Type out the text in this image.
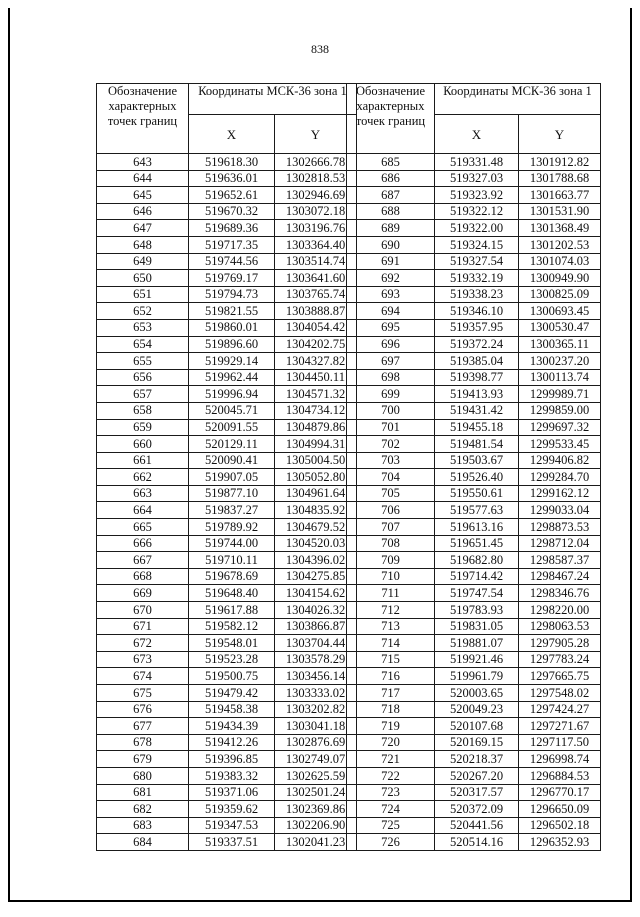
838
Обозначение характерных точек границ	Координаты МСК-36 зона 1	
	X	Y
643	519618.30	1302666.78
644	519636.01	1302818.53
645	519652.61	1302946.69
646	519670.32	1303072.18
647	519689.36	1303196.76
648	519717.35	1303364.40
649	519744.56	1303514.74
650	519769.17	1303641.60
651	519794.73	1303765.74
652	519821.55	1303888.87
653	519860.01	1304054.42
654	519896.60	1304202.75
655	519929.14	1304327.82
656	519962.44	1304450.11
657	519996.94	1304571.32
658	520045.71	1304734.12
659	520091.55	1304879.86
660	520129.11	1304994.31
661	520090.41	1305004.50
662	519907.05	1305052.80
663	519877.10	1304961.64
664	519837.27	1304835.92
665	519789.92	1304679.52
666	519744.00	1304520.03
667	519710.11	1304396.02
668	519678.69	1304275.85
669	519648.40	1304154.62
670	519617.88	1304026.32
671	519582.12	1303866.87
672	519548.01	1303704.44
673	519523.28	1303578.29
674	519500.75	1303456.14
675	519479.42	1303333.02
676	519458.38	1303202.82
677	519434.39	1303041.18
678	519412.26	1302876.69
679	519396.85	1302749.07
680	519383.32	1302625.59
681	519371.06	1302501.24
682	519359.62	1302369.86
683	519347.53	1302206.90
684	519337.51	1302041.23
Обозначение характерных точек границ	Координаты МСК-36 зона 1	
	X	Y
685	519331.48	1301912.82
686	519327.03	1301788.68
687	519323.92	1301663.77
688	519322.12	1301531.90
689	519322.00	1301368.49
690	519324.15	1301202.53
691	519327.54	1301074.03
692	519332.19	1300949.90
693	519338.23	1300825.09
694	519346.10	1300693.45
695	519357.95	1300530.47
696	519372.24	1300365.11
697	519385.04	1300237.20
698	519398.77	1300113.74
699	519413.93	1299989.71
700	519431.42	1299859.00
701	519455.18	1299697.32
702	519481.54	1299533.45
703	519503.67	1299406.82
704	519526.40	1299284.70
705	519550.61	1299162.12
706	519577.63	1299033.04
707	519613.16	1298873.53
708	519651.45	1298712.04
709	519682.80	1298587.37
710	519714.42	1298467.24
711	519747.54	1298346.76
712	519783.93	1298220.00
713	519831.05	1298063.53
714	519881.07	1297905.28
715	519921.46	1297783.24
716	519961.79	1297665.75
717	520003.65	1297548.02
718	520049.23	1297424.27
719	520107.68	1297271.67
720	520169.15	1297117.50
721	520218.37	1296998.74
722	520267.20	1296884.53
723	520317.57	1296770.17
724	520372.09	1296650.09
725	520441.56	1296502.18
726	520514.16	1296352.93
